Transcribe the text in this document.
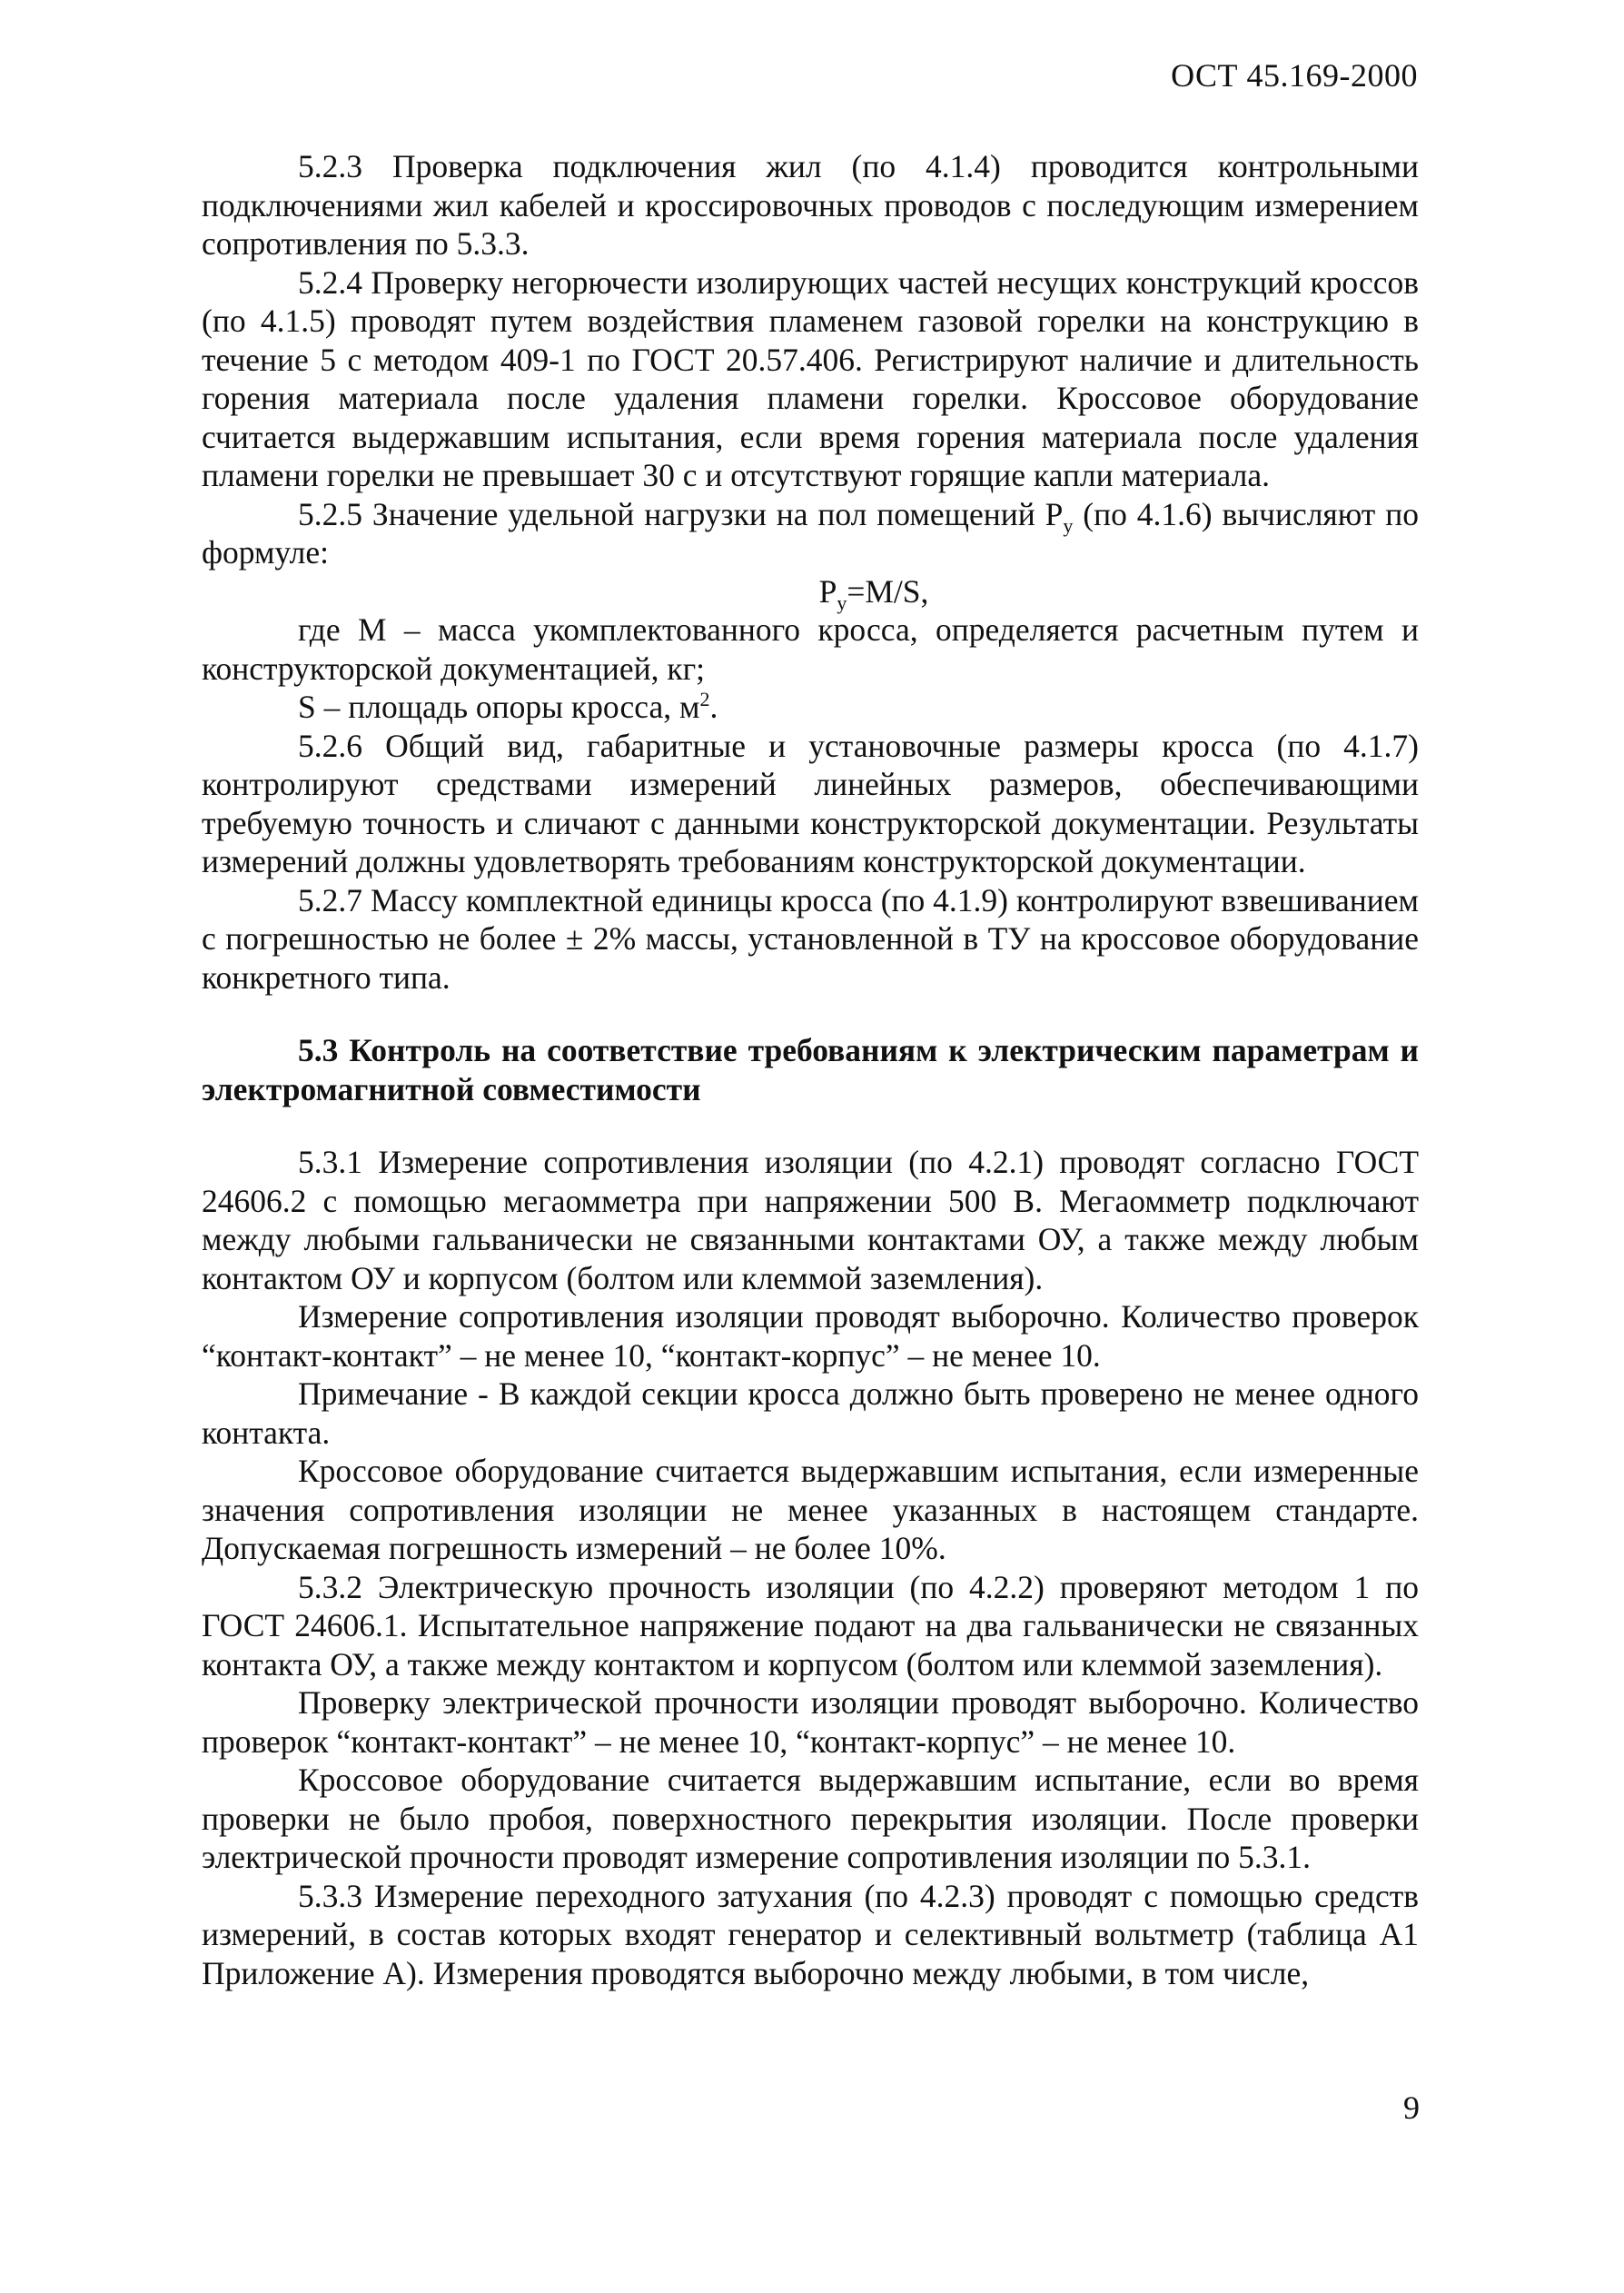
ОСТ 45.169-2000

5.2.3 Проверка подключения жил (по 4.1.4) проводится контрольными подключениями жил кабелей и кроссировочных проводов с последующим измерением сопротивления по 5.3.3.

5.2.4 Проверку негорючести изолирующих частей несущих конструкций кроссов (по 4.1.5) проводят путем воздействия пламенем газовой горелки на конструкцию в течение 5 с методом 409-1 по ГОСТ 20.57.406. Регистрируют наличие и длительность горения материала после удаления пламени горелки. Кроссовое оборудование считается выдержавшим испытания, если время горения материала после удаления пламени горелки не превышает 30 с и отсутствуют горящие капли материала.

5.2.5 Значение удельной нагрузки на пол помещений $P_y$ (по 4.1.6) вычисляют по формуле:

$P_y=M/S$,

где М – масса укомплектованного кросса, определяется расчетным путем и конструкторской документацией, кг;

S – площадь опоры кросса, $м^2$.

5.2.6 Общий вид, габаритные и установочные размеры кросса (по 4.1.7) контролируют средствами измерений линейных размеров, обеспечивающими требуемую точность и сличают с данными конструкторской документации. Результаты измерений должны удовлетворять требованиям конструкторской документации.

5.2.7 Массу комплектной единицы кросса (по 4.1.9) контролируют взвешиванием с погрешностью не более ± 2% массы, установленной в ТУ на кроссовое оборудование конкретного типа.

5.3 Контроль на соответствие требованиям к электрическим параметрам и электромагнитной совместимости

5.3.1 Измерение сопротивления изоляции (по 4.2.1) проводят согласно ГОСТ 24606.2 с помощью мегаомметра при напряжении 500 В. Мегаомметр подключают между любыми гальванически не связанными контактами ОУ, а также между любым контактом ОУ и корпусом (болтом или клеммой заземления).

Измерение сопротивления изоляции проводят выборочно. Количество проверок “контакт-контакт” – не менее 10, “контакт-корпус” – не менее 10.

Примечание - В каждой секции кросса должно быть проверено не менее одного контакта.

Кроссовое оборудование считается выдержавшим испытания, если измеренные значения сопротивления изоляции не менее указанных в настоящем стандарте. Допускаемая погрешность измерений – не более 10%.

5.3.2 Электрическую прочность изоляции (по 4.2.2) проверяют методом 1 по ГОСТ 24606.1. Испытательное напряжение подают на два гальванически не связанных контакта ОУ, а также между контактом и корпусом (болтом или клеммой заземления).

Проверку электрической прочности изоляции проводят выборочно. Количество проверок “контакт-контакт” – не менее 10, “контакт-корпус” – не менее 10.

Кроссовое оборудование считается выдержавшим испытание, если во время проверки не было пробоя, поверхностного перекрытия изоляции. После проверки электрической прочности проводят измерение сопротивления изоляции по 5.3.1.

5.3.3 Измерение переходного затухания (по 4.2.3) проводят с помощью средств измерений, в состав которых входят генератор и селективный вольтметр (таблица А1 Приложение А). Измерения проводятся выборочно между любыми, в том числе,

9
